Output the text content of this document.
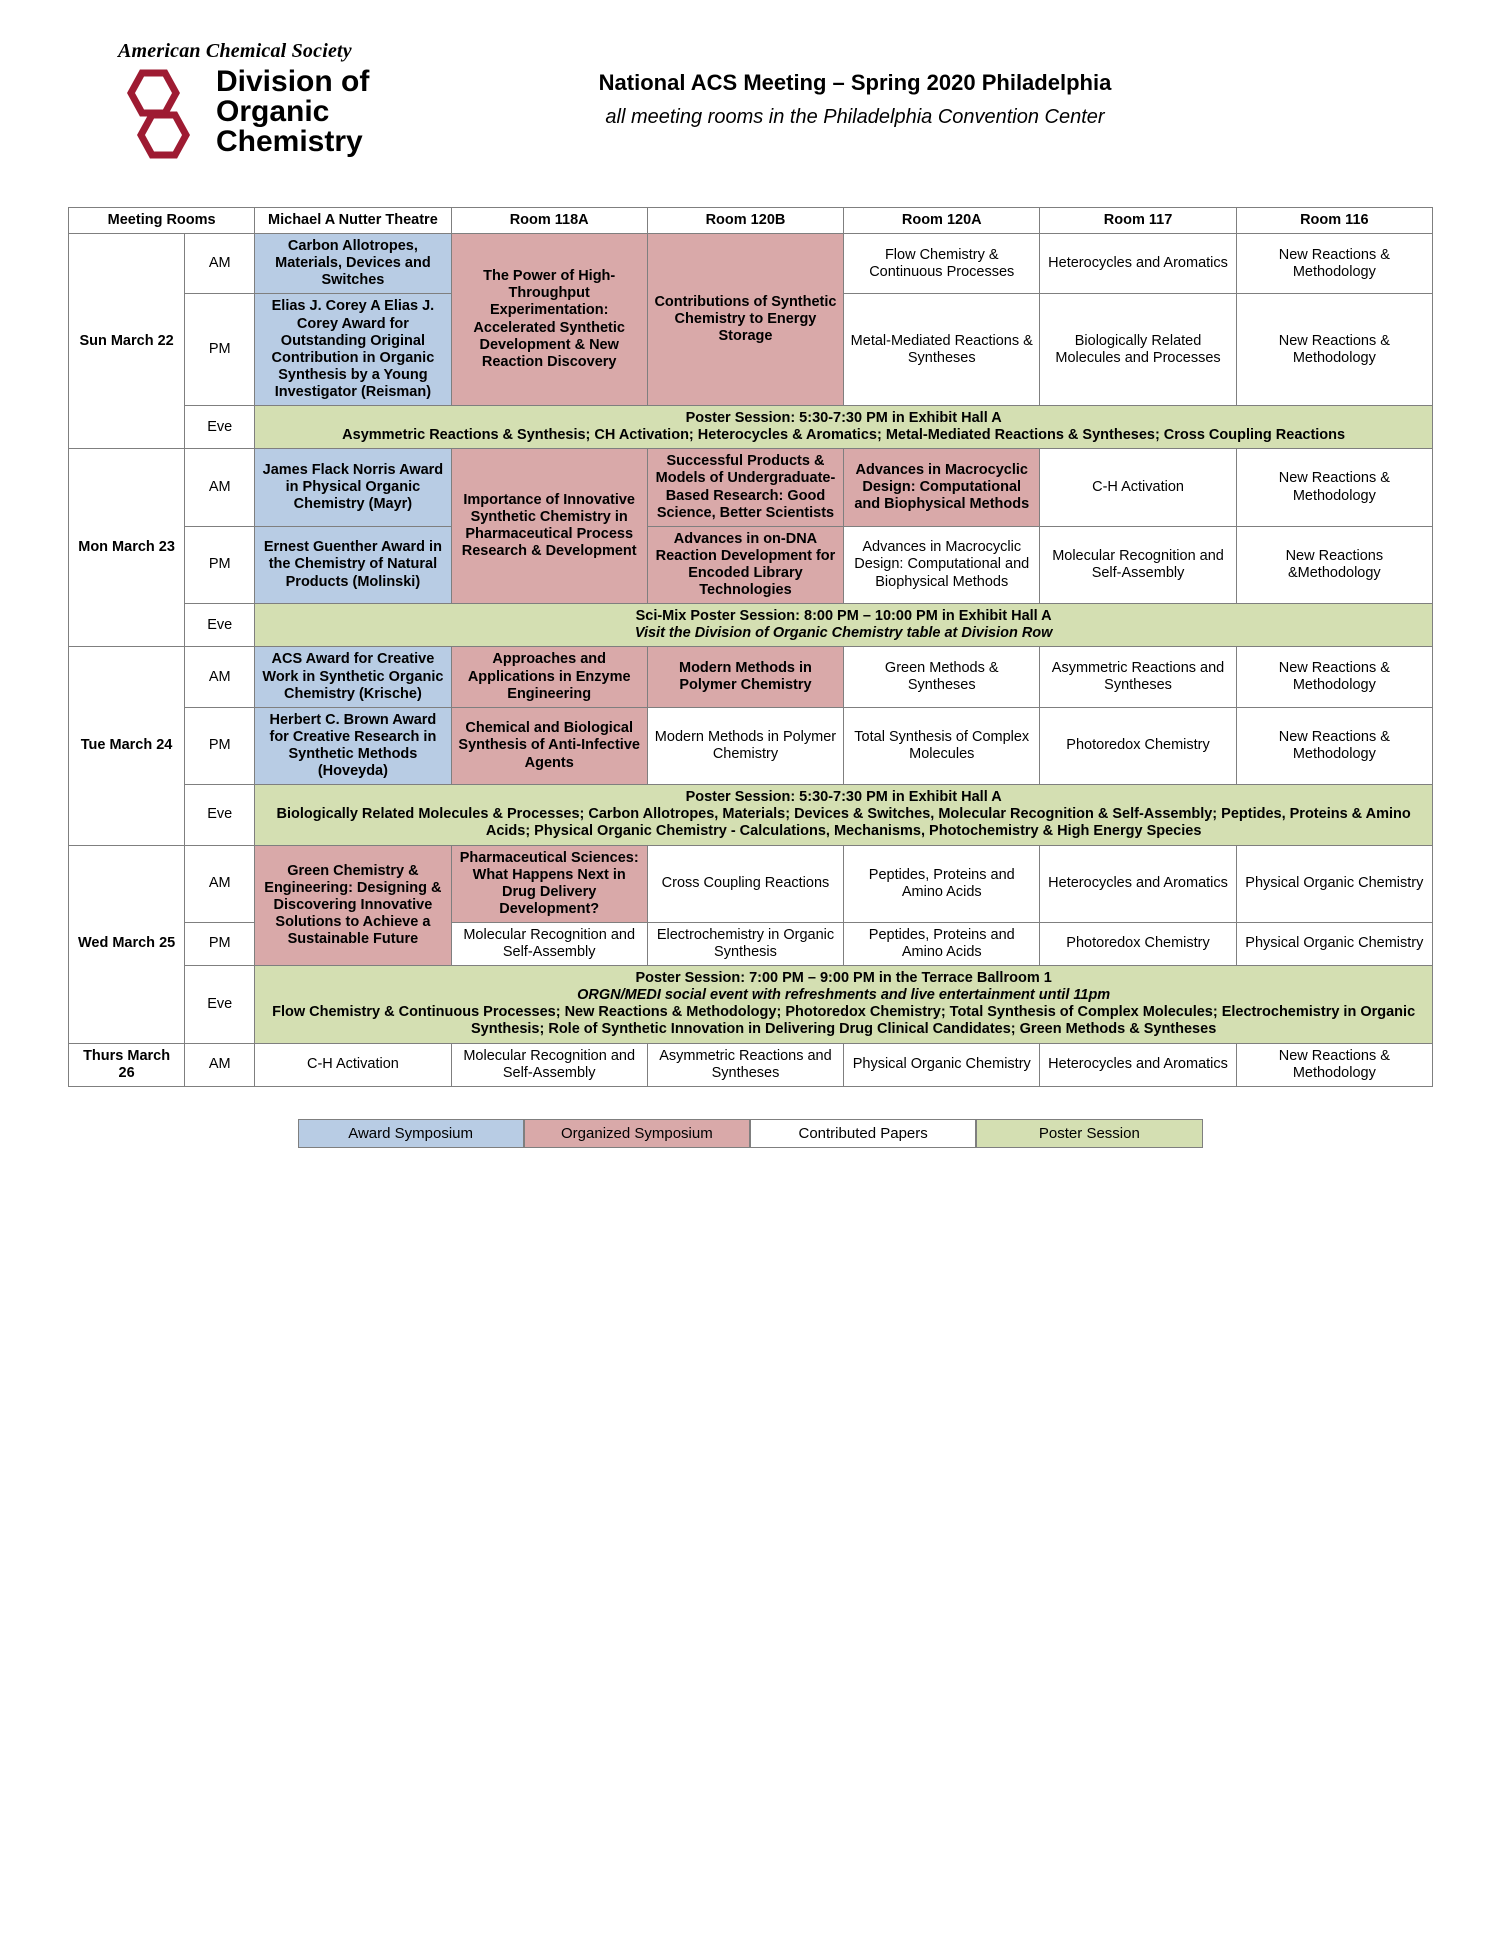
American Chemical Society
Division of
Organic
Chemistry
National ACS Meeting – Spring 2020 Philadelphia
all meeting rooms in the Philadelphia Convention Center
Meeting Rooms		Michael A Nutter Theatre	Room 118A	Room 120B	Room 120A	Room 117	Room 116
Sun March 22	AM	Carbon Allotropes, Materials, Devices and Switches	The Power of High-Throughput Experimentation: Accelerated Synthetic Development & New Reaction Discovery	Contributions of Synthetic Chemistry to Energy Storage	Flow Chemistry & Continuous Processes	Heterocycles and Aromatics	New Reactions & Methodology
	PM	Elias J. Corey A Elias J. Corey Award for Outstanding Original Contribution in Organic Synthesis by a Young Investigator (Reisman)			Metal-Mediated Reactions & Syntheses	Biologically Related Molecules and Processes	New Reactions & Methodology
	Eve	Poster Session: 5:30-7:30 PM in Exhibit Hall A
Asymmetric Reactions & Synthesis; CH Activation; Heterocycles & Aromatics; Metal-Mediated Reactions & Syntheses; Cross Coupling Reactions					

Mon March 23	AM	James Flack Norris Award in Physical Organic Chemistry (Mayr)	Importance of Innovative Synthetic Chemistry in Pharmaceutical Process Research & Development	Successful Products & Models of Undergraduate-Based Research: Good Science, Better Scientists	Advances in Macrocyclic Design: Computational and Biophysical Methods	C-H Activation	New Reactions & Methodology
	PM	Ernest Guenther Award in the Chemistry of Natural Products (Molinski)		Advances in on-DNA Reaction Development for Encoded Library Technologies	Advances in Macrocyclic Design: Computational and Biophysical Methods	Molecular Recognition and Self-Assembly	New Reactions &Methodology
	Eve	Sci-Mix Poster Session: 8:00 PM – 10:00 PM in Exhibit Hall A
Visit the Division of Organic Chemistry table at Division Row					

Tue March 24	AM	ACS Award for Creative Work in Synthetic Organic Chemistry (Krische)	Approaches and Applications in Enzyme Engineering	Modern Methods in Polymer Chemistry	Green Methods & Syntheses	Asymmetric Reactions and Syntheses	New Reactions & Methodology
	PM	Herbert C. Brown Award for Creative Research in Synthetic Methods (Hoveyda)	Chemical and Biological Synthesis of Anti-Infective Agents	Modern Methods in Polymer Chemistry	Total Synthesis of Complex Molecules	Photoredox Chemistry	New Reactions & Methodology
	Eve	Poster Session: 5:30-7:30 PM in Exhibit Hall A
Biologically Related Molecules & Processes; Carbon Allotropes, Materials; Devices & Switches, Molecular Recognition & Self-Assembly; Peptides, Proteins & Amino Acids; Physical Organic Chemistry - Calculations, Mechanisms, Photochemistry & High Energy Species					

Wed March 25	AM	Green Chemistry & Engineering: Designing & Discovering Innovative Solutions to Achieve a Sustainable Future	Pharmaceutical Sciences: What Happens Next in Drug Delivery Development?	Cross Coupling Reactions	Peptides, Proteins and Amino Acids	Heterocycles and Aromatics	Physical Organic Chemistry
	PM		Molecular Recognition and Self-Assembly	Electrochemistry in Organic Synthesis	Peptides, Proteins and Amino Acids	Photoredox Chemistry	Physical Organic Chemistry
	Eve	Poster Session: 7:00 PM – 9:00 PM in the Terrace Ballroom 1
ORGN/MEDI social event with refreshments and live entertainment until 11pm
Flow Chemistry & Continuous Processes; New Reactions & Methodology; Photoredox Chemistry; Total Synthesis of Complex Molecules; Electrochemistry in Organic Synthesis; Role of Synthetic Innovation in Delivering Drug Clinical Candidates; Green Methods & Syntheses					

Thurs March 26	AM	C-H Activation	Molecular Recognition and Self-Assembly	Asymmetric Reactions and Syntheses	Physical Organic Chemistry	Heterocycles and Aromatics	New Reactions & Methodology
Award Symposium	Organized Symposium	Contributed Papers	Poster Session
